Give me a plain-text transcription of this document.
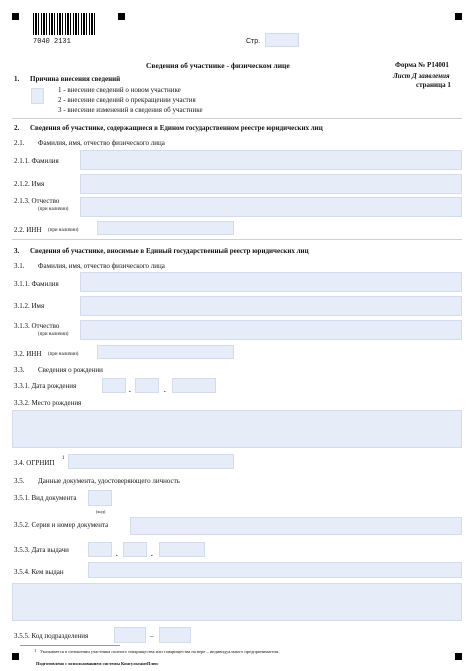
7040 2131	Стр.
Сведения об участнике - физическом лице	Форма № Р14001
Лист Д заявления
страница 1
1. Причина внесения сведений
1 - внесение сведений о новом участнике
2 - внесение сведений о прекращении участия
3 - внесение изменений в сведения об участнике
2. Сведения об участнике, содержащиеся в Едином государственном реестре юридических лиц
2.1. Фамилия, имя, отчество физического лица
2.1.1. Фамилия
2.1.2. Имя
2.1.3. Отчество
(при наличии)
2.2. ИНН (при наличии)
3. Сведения об участнике, вносимые в Единый государственный реестр юридических лиц
3.1. Фамилия, имя, отчество физического лица
3.1.1. Фамилия
3.1.2. Имя
3.1.3. Отчество
(при наличии)
3.2. ИНН (при наличии)
3.3. Сведения о рождении
3.3.1. Дата рождения	.	.
3.3.2. Место рождения
3.4. ОГРНИП
1
3.5. Данные документа, удостоверяющего личность
3.5.1. Вид документа
(код)
3.5.2. Серия и номер документа
3.5.3. Дата выдачи	.	.
3.5.4. Кем выдан
3.5.5. Код подразделения	–
1 Указывается в отношении участника полного товарищества или товарищества на вере – индивидуального предпринимателя.
Подготовлено с использованием системы КонсультантПлюс
